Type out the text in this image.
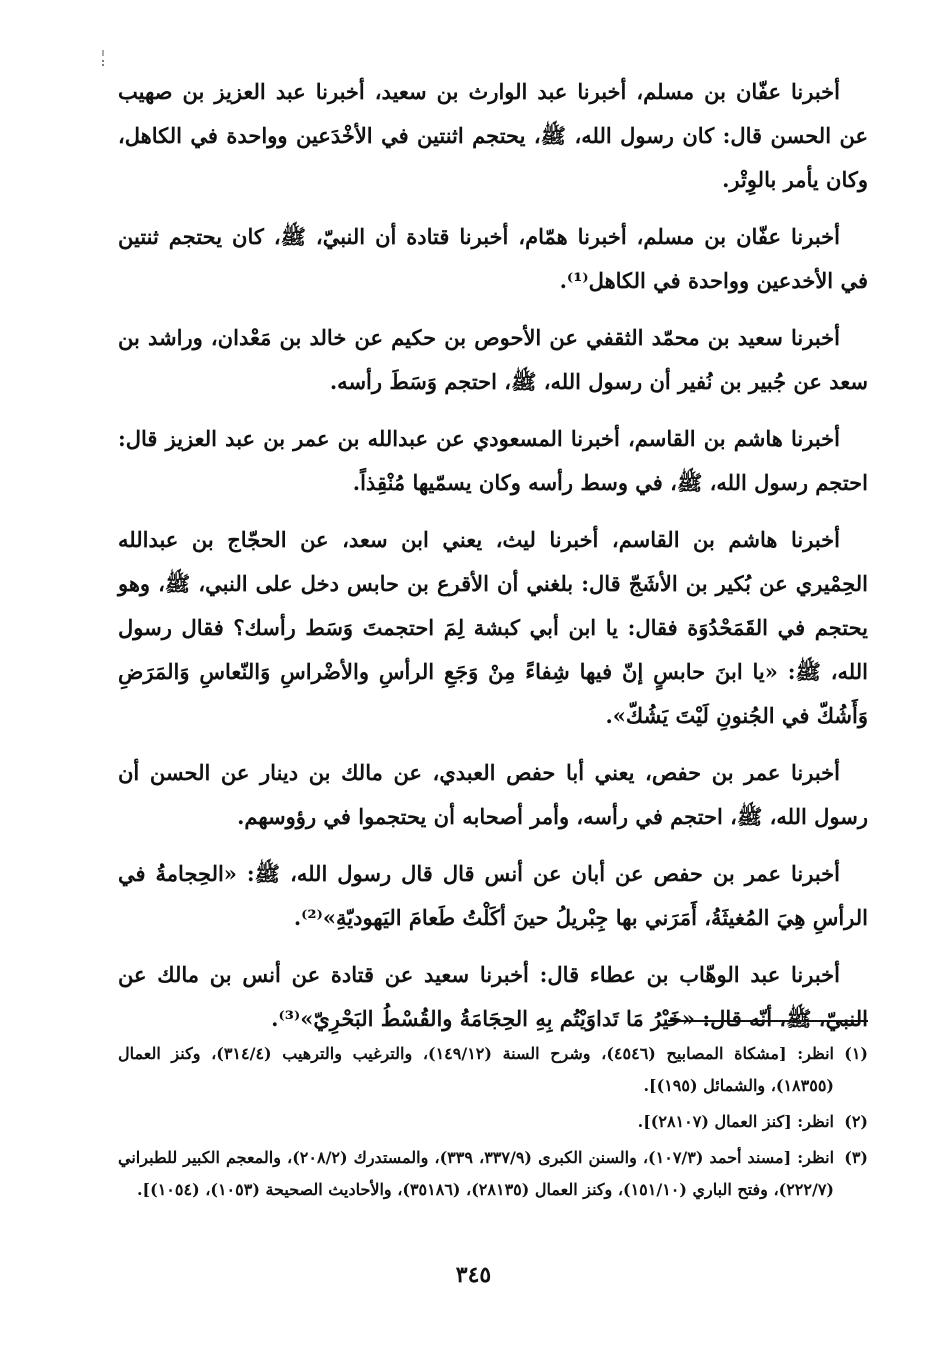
أخبرنا عفّان بن مسلم، أخبرنا عبد الوارث بن سعيد، أخبرنا عبد العزيز بن صهيب عن الحسن قال: كان رسول الله، ﷺ، يحتجم اثنتين في الأخْدَعين وواحدة في الكاهل، وكان يأمر بالوِتْر.

أخبرنا عفّان بن مسلم، أخبرنا همّام، أخبرنا قتادة أن النبيّ، ﷺ، كان يحتجم ثنتين في الأخدعين وواحدة في الكاهل⁽¹⁾.

أخبرنا سعيد بن محمّد الثقفي عن الأحوص بن حكيم عن خالد بن مَعْدان، وراشد بن سعد عن جُبير بن نُفير أن رسول الله، ﷺ، احتجم وَسَطَ رأسه.

أخبرنا هاشم بن القاسم، أخبرنا المسعودي عن عبدالله بن عمر بن عبد العزيز قال: احتجم رسول الله، ﷺ، في وسط رأسه وكان يسمّيها مُنْقِذاً.

أخبرنا هاشم بن القاسم، أخبرنا ليث، يعني ابن سعد، عن الحجّاج بن عبدالله الحِمْيري عن بُكير بن الأشَجّ قال: بلغني أن الأقرع بن حابس دخل على النبي، ﷺ، وهو يحتجم في القَمَحْدُوَة فقال: يا ابن أبي كبشة لِمَ احتجمتَ وَسَط رأسك؟ فقال رسول الله، ﷺ: «يا ابنَ حابسٍ إنّ فيها شِفاءً مِنْ وَجَعِ الرأسِ والأضْراسِ وَالنّعاسِ وَالمَرَضِ وَأَشُكّ في الجُنونِ لَيْتَ يَشُكّ».

أخبرنا عمر بن حفص، يعني أبا حفص العبدي، عن مالك بن دينار عن الحسن أن رسول الله، ﷺ، احتجم في رأسه، وأمر أصحابه أن يحتجموا في رؤوسهم.

أخبرنا عمر بن حفص عن أبان عن أنس قال قال رسول الله، ﷺ: «الحِجامةُ في الرأسِ هِيَ المُغيثَةُ، أَمَرَني بها جِبْريلُ حينَ أكَلْتُ طَعامَ اليَهوديّةِ»⁽²⁾.

أخبرنا عبد الوهّاب بن عطاء قال: أخبرنا سعيد عن قتادة عن أنس بن مالك عن النبيّ، ﷺ، أنّه قال: «خَيْرُ مَا تَداوَيْتُم بِهِ الحِجَامَةُ والقُسْطُ البَحْرِيّ»⁽³⁾.

(١)
انظر: [مشكاة المصابيح (٤٥٤٦)، وشرح السنة (١٤٩/١٢)، والترغيب والترهيب (٣١٤/٤)، وكنز العمال (١٨٣٥٥)، والشمائل (١٩٥)].

(٢)
انظر: [كنز العمال (٢٨١٠٧)].

(٣)
انظر: [مسند أحمد (١٠٧/٣)، والسنن الكبرى (٣٣٧/٩، ٣٣٩)، والمستدرك (٢٠٨/٢)، والمعجم الكبير للطبراني (٢٢٢/٧)، وفتح الباري (١٥١/١٠)، وكنز العمال (٢٨١٣٥)، (٣٥١٨٦)، والأحاديث الصحيحة (١٠٥٣)، (١٠٥٤)].

٣٤٥
